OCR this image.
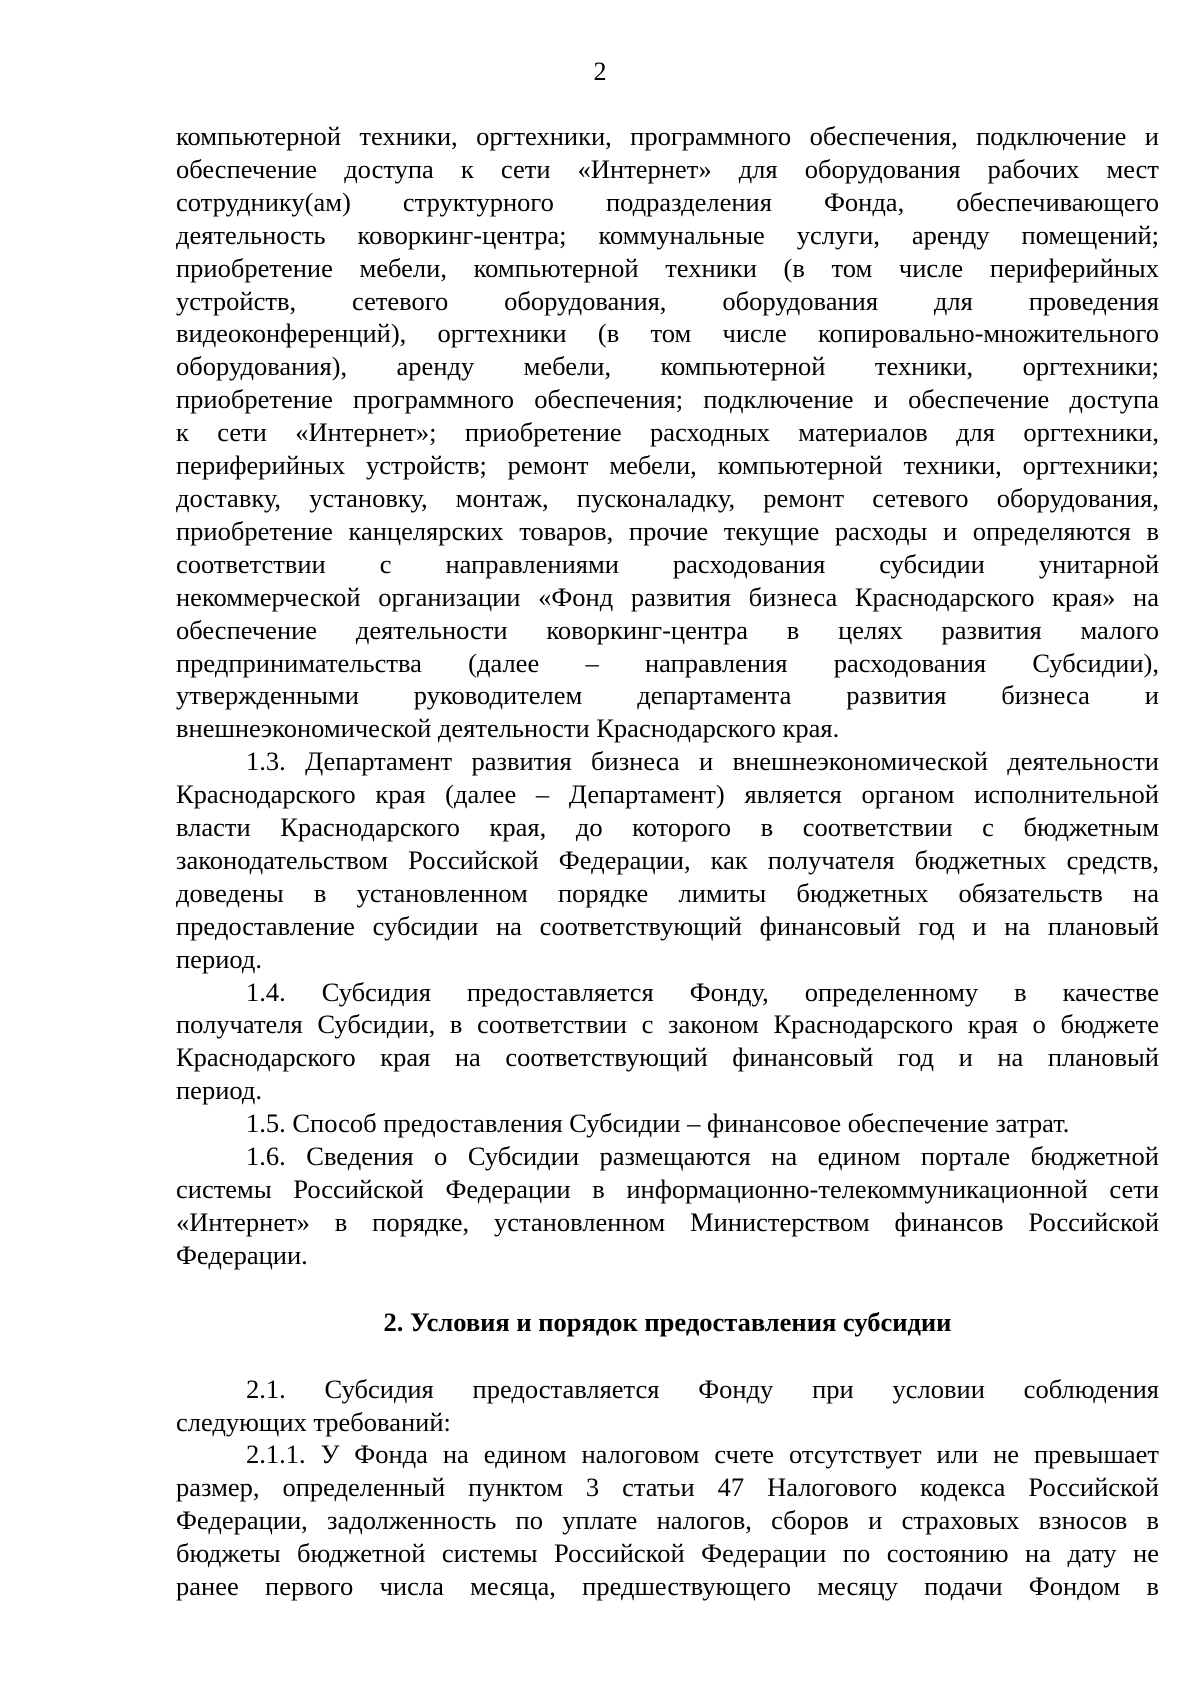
2
компьютерной техники, оргтехники, программного обеспечения, подключение и
обеспечение доступа к сети «Интернет» для оборудования рабочих мест
сотруднику(ам) структурного подразделения Фонда, обеспечивающего
деятельность коворкинг-центра; коммунальные услуги, аренду помещений;
приобретение мебели, компьютерной техники (в том числе периферийных
устройств, сетевого оборудования, оборудования для проведения
видеоконференций), оргтехники (в том числе копировально-множительного
оборудования), аренду мебели, компьютерной техники, оргтехники;
приобретение программного обеспечения; подключение и обеспечение доступа
к сети «Интернет»; приобретение расходных материалов для оргтехники,
периферийных устройств; ремонт мебели, компьютерной техники, оргтехники;
доставку, установку, монтаж, пусконаладку, ремонт сетевого оборудования,
приобретение канцелярских товаров, прочие текущие расходы и определяются в
соответствии с направлениями расходования субсидии унитарной
некоммерческой организации «Фонд развития бизнеса Краснодарского края» на
обеспечение деятельности коворкинг-центра в целях развития малого
предпринимательства (далее – направления расходования Субсидии),
утвержденными руководителем департамента развития бизнеса и
внешнеэкономической деятельности Краснодарского края.
1.3. Департамент развития бизнеса и внешнеэкономической деятельности
Краснодарского края (далее – Департамент) является органом исполнительной
власти Краснодарского края, до которого в соответствии с бюджетным
законодательством Российской Федерации, как получателя бюджетных средств,
доведены в установленном порядке лимиты бюджетных обязательств на
предоставление субсидии на соответствующий финансовый год и на плановый
период.
1.4. Субсидия предоставляется Фонду, определенному в качестве
получателя Субсидии, в соответствии с законом Краснодарского края о бюджете
Краснодарского края на соответствующий финансовый год и на плановый
период.
1.5. Способ предоставления Субсидии – финансовое обеспечение затрат.
1.6. Сведения о Субсидии размещаются на едином портале бюджетной
системы Российской Федерации в информационно-телекоммуникационной сети
«Интернет» в порядке, установленном Министерством финансов Российской
Федерации.
2. Условия и порядок предоставления субсидии
2.1. Субсидия предоставляется Фонду при условии соблюдения
следующих требований:
2.1.1. У Фонда на едином налоговом счете отсутствует или не превышает
размер, определенный пунктом 3 статьи 47 Налогового кодекса Российской
Федерации, задолженность по уплате налогов, сборов и страховых взносов в
бюджеты бюджетной системы Российской Федерации по состоянию на дату не
ранее первого числа месяца, предшествующего месяцу подачи Фондом в
